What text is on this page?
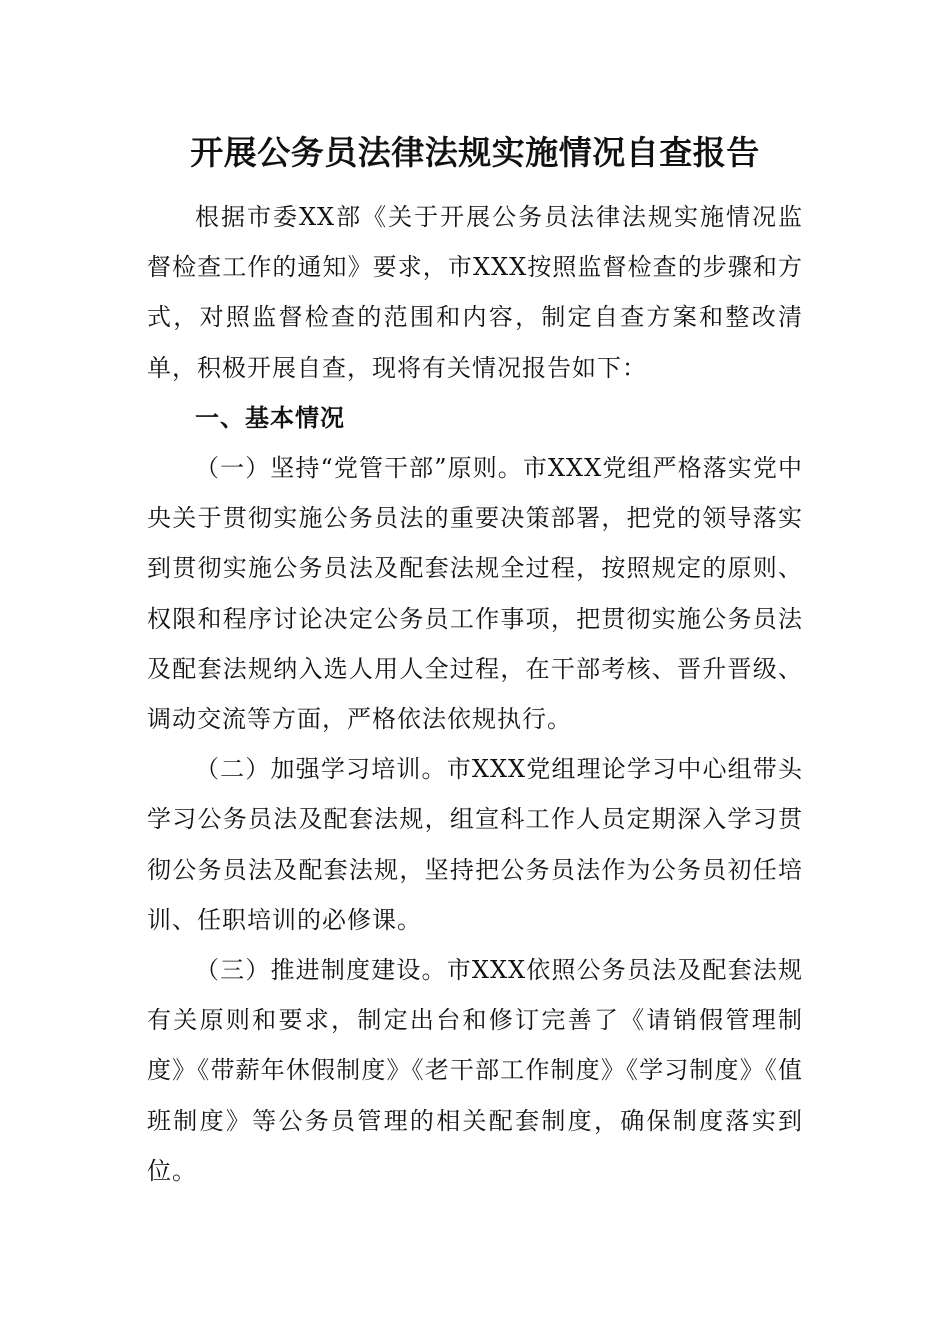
开展公务员法律法规实施情况自查报告

根据市委XX部《关于开展公务员法律法规实施情况监督检查工作的通知》要求，市XXX按照监督检查的步骤和方式，对照监督检查的范围和内容，制定自查方案和整改清单，积极开展自查，现将有关情况报告如下：

一、基本情况

（一）坚持“党管干部”原则。市XXX党组严格落实党中央关于贯彻实施公务员法的重要决策部署，把党的领导落实到贯彻实施公务员法及配套法规全过程，按照规定的原则、权限和程序讨论决定公务员工作事项，把贯彻实施公务员法及配套法规纳入选人用人全过程，在干部考核、晋升晋级、调动交流等方面，严格依法依规执行。

（二）加强学习培训。市XXX党组理论学习中心组带头学习公务员法及配套法规，组宣科工作人员定期深入学习贯彻公务员法及配套法规，坚持把公务员法作为公务员初任培训、任职培训的必修课。

（三）推进制度建设。市XXX依照公务员法及配套法规有关原则和要求，制定出台和修订完善了《请销假管理制度》《带薪年休假制度》《老干部工作制度》《学习制度》《值班制度》等公务员管理的相关配套制度，确保制度落实到位。
